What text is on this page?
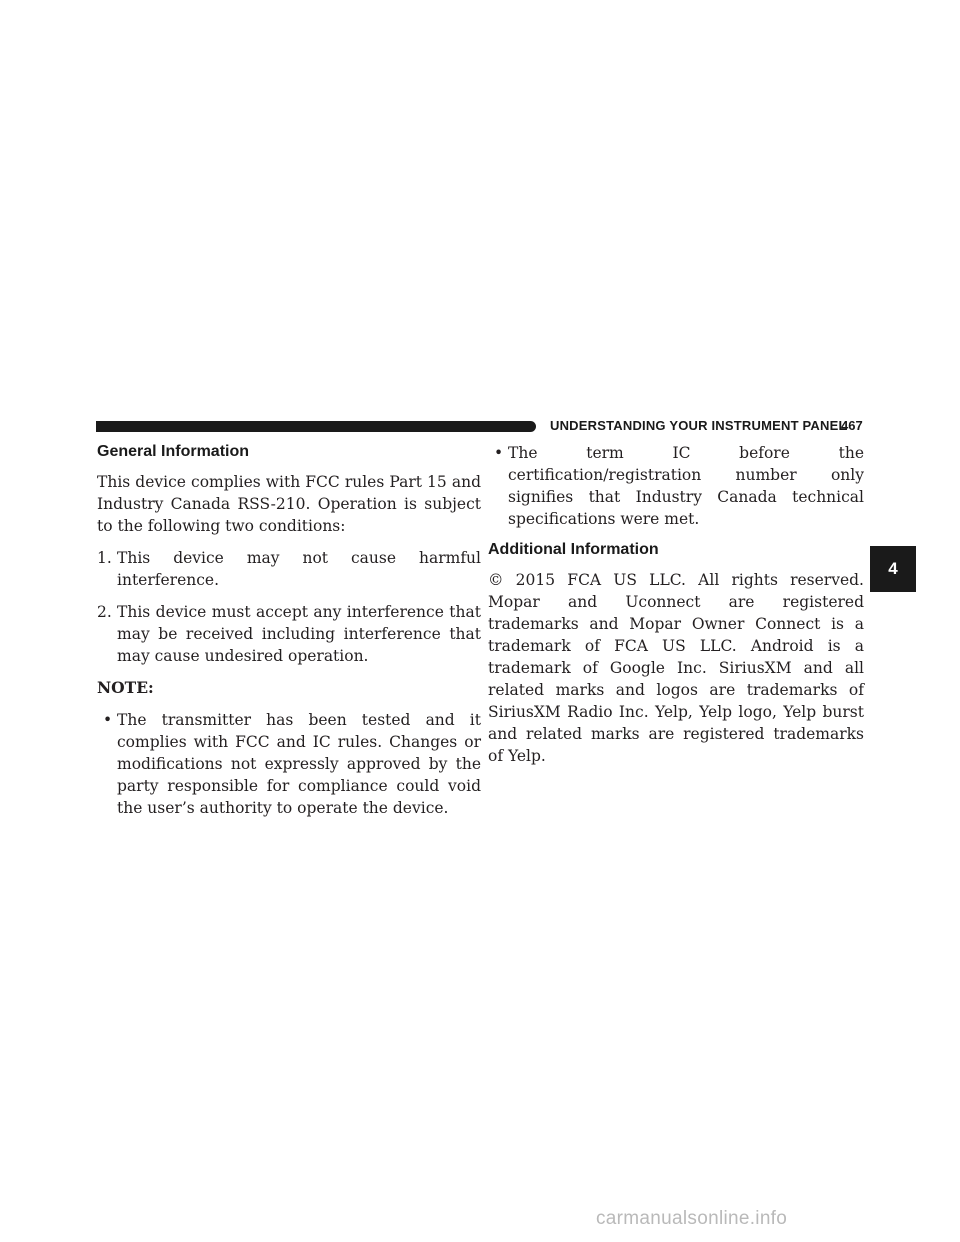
UNDERSTANDING YOUR INSTRUMENT PANEL
467
General Information

This device complies with FCC rules Part 15 and Industry Canada RSS-210. Operation is subject to the following two conditions:

1. This device may not cause harmful interference.
2. This device must accept any interference that may be received including interference that may cause undesired operation.
NOTE:
• The transmitter has been tested and it complies with FCC and IC rules. Changes or modifications not expressly approved by the party responsible for compliance could void the user’s authority to operate the device.
• The term IC before the certification/registration number only signifies that Industry Canada technical specifications were met.
Additional Information

© 2015 FCA US LLC. All rights reserved. Mopar and Uconnect are registered trademarks and Mopar Owner Connect is a trademark of FCA US LLC. Android is a trademark of Google Inc. SiriusXM and all related marks and logos are trademarks of SiriusXM Radio Inc. Yelp, Yelp logo, Yelp burst and related marks are registered trademarks of Yelp.

4
carmanualsonline.info
